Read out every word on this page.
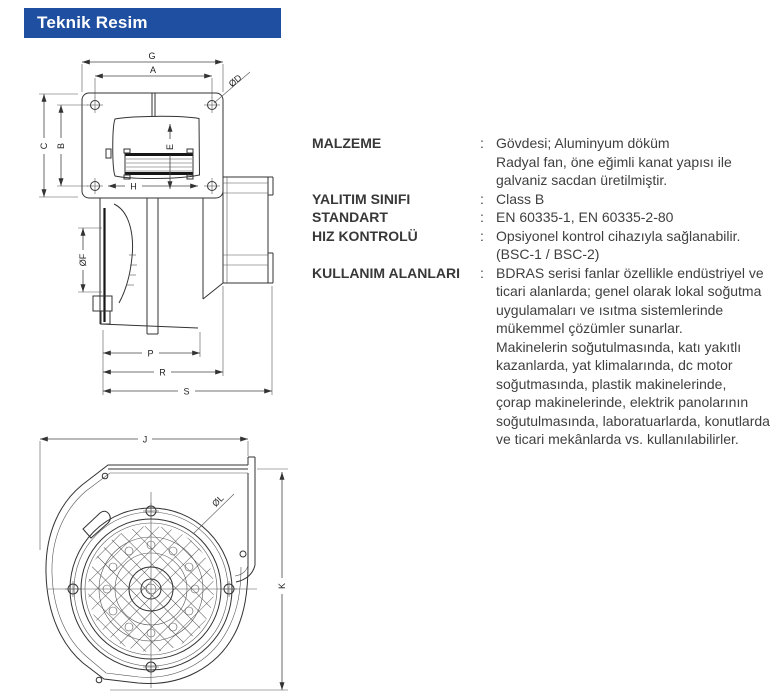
Teknik Resim
G
A
ØD
C B	E
H
ØF
P
R
S
J
ØL
K
MALZEME	: Gövdesi; Aluminyum döküm
Radyal fan, öne eğimli kanat yapısı ile
galvaniz sacdan üretilmiştir.
YALITIM SINIFI	: Class B
STANDART	: EN 60335-1, EN 60335-2-80
HIZ KONTROLÜ	: Opsiyonel kontrol cihazıyla sağlanabilir.
(BSC-1 / BSC-2)
KULLANIM ALANLARI	: BDRAS serisi fanlar özellikle endüstriyel ve
ticari alanlarda; genel olarak lokal soğutma
uygulamaları ve ısıtma sistemlerinde
mükemmel çözümler sunarlar.
Makinelerin soğutulmasında, katı yakıtlı
kazanlarda, yat klimalarında, dc motor
soğutmasında, plastik makinelerinde,
çorap makinelerinde, elektrik panolarının
soğutulmasında, laboratuarlarda, konutlarda
ve ticari mekânlarda vs. kullanılabilirler.
